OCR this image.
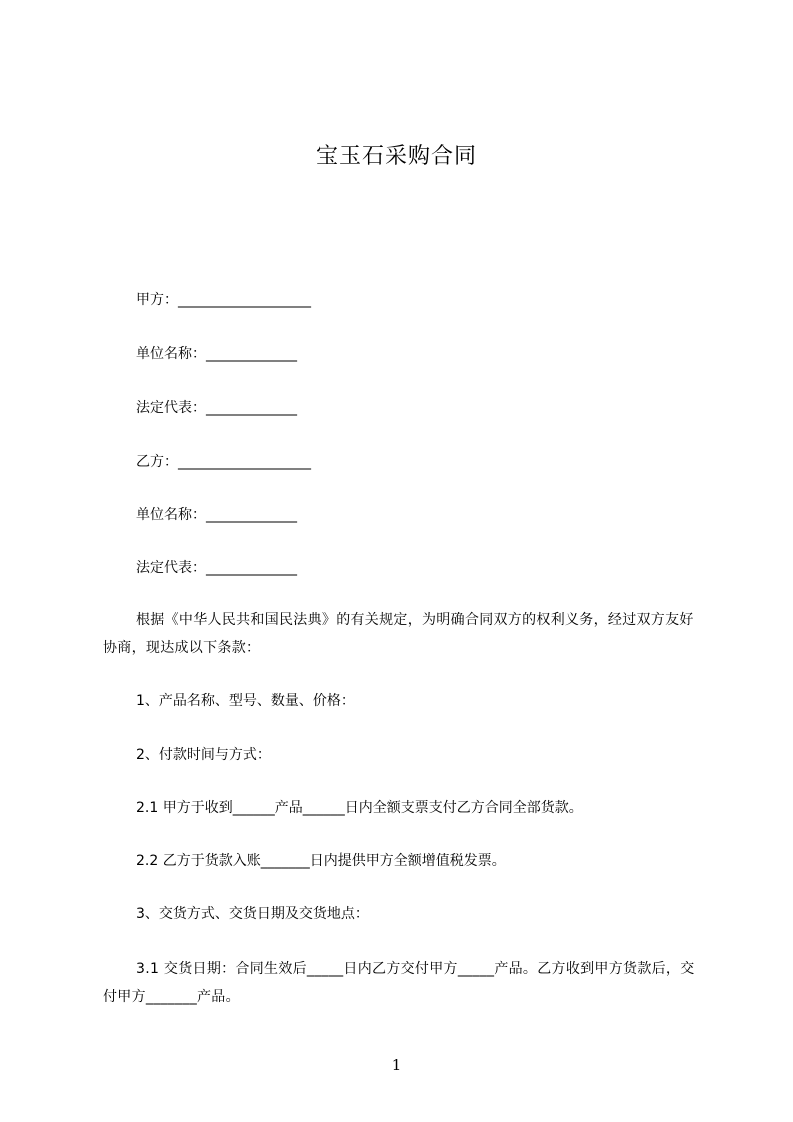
宝玉石采购合同
甲方：___________________
单位名称：_____________
法定代表：_____________
乙方：___________________
单位名称：_____________
法定代表：_____________
根据《中华人民共和国民法典》的有关规定，为明确合同双方的权利义务，经过双方友好协商，现达成以下条款：
1、产品名称、型号、数量、价格：
2、付款时间与方式：
2.1 甲方于收到______产品______日内全额支票支付乙方合同全部货款。
2.2 乙方于货款入账_______日内提供甲方全额增值税发票。
3、交货方式、交货日期及交货地点：
3.1 交货日期：合同生效后_____日内乙方交付甲方_____产品。乙方收到甲方货款后，交付甲方_______产品。
1
